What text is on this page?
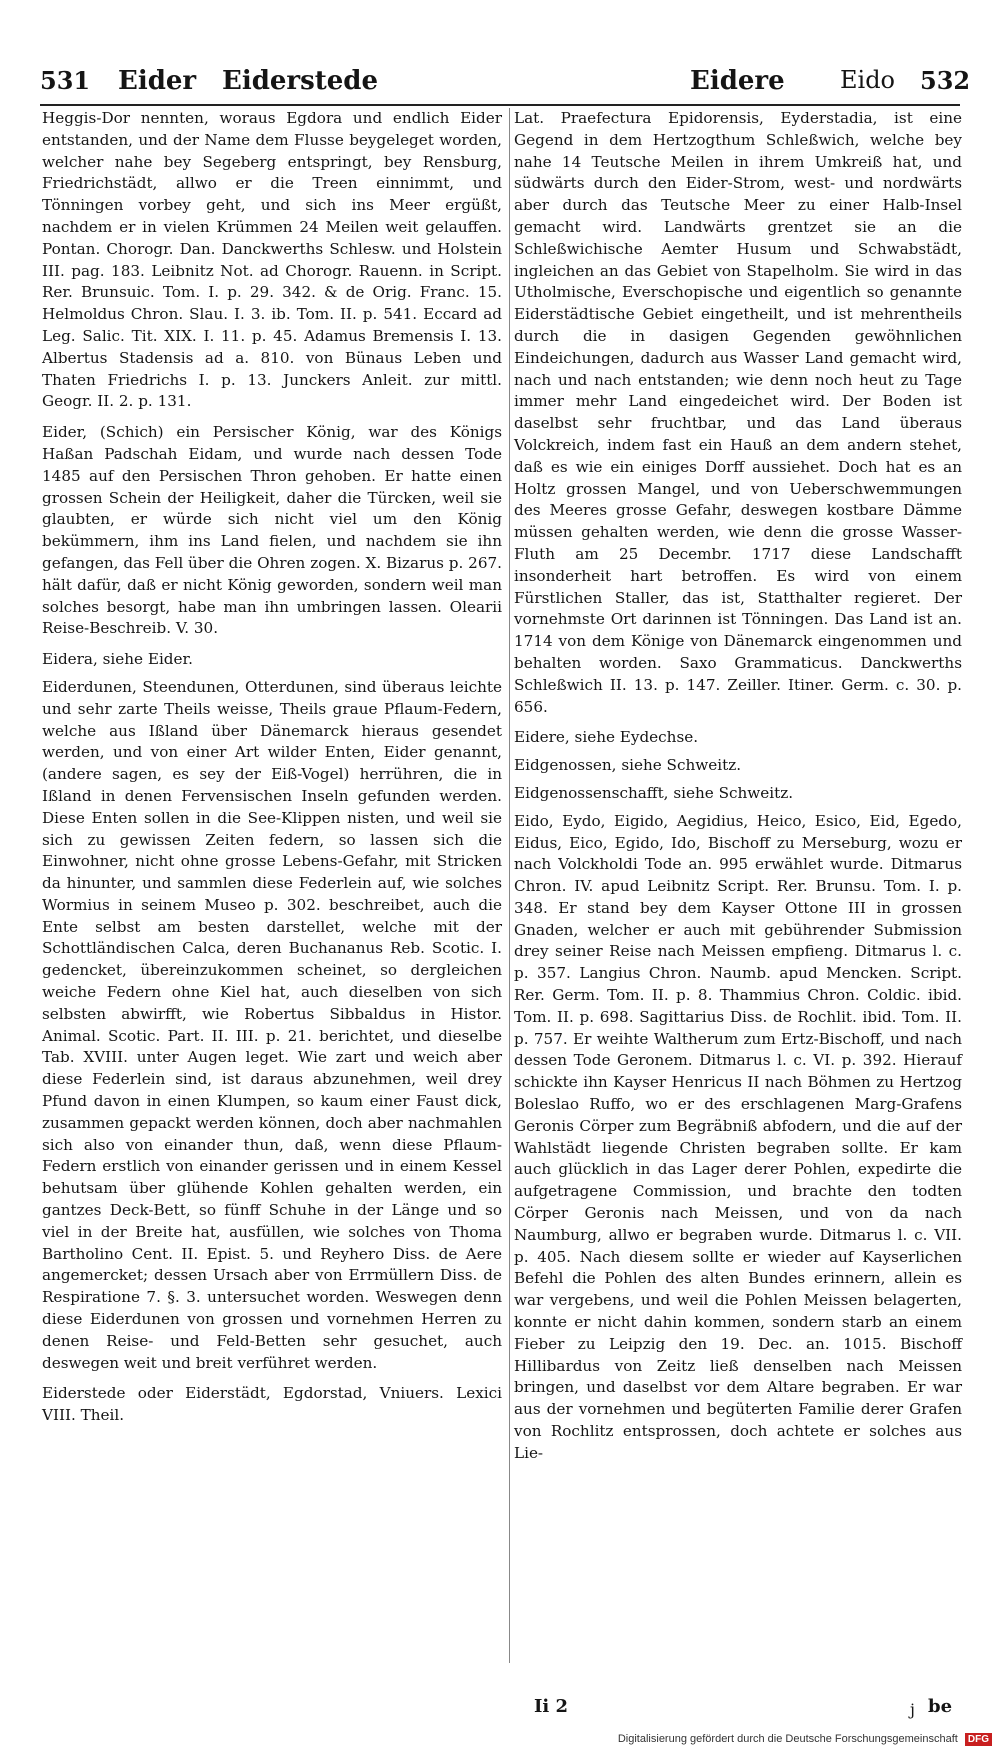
531 Eider Eiderstede	Eidere Eido 532

Heggis-Dor nennten, woraus Egdora und endlich Eider entstanden, und der Name dem Flusse beygeleget worden, welcher nahe bey Segeberg entspringt, bey Rensburg, Friedrichstädt, allwo er die Treen einnimmt, und Tönningen vorbey geht, und sich ins Meer ergüßt, nachdem er in vielen Krümmen 24 Meilen weit gelauffen. Pontan. Chorogr. Dan. Danckwerths Schlesw. und Holstein III. pag. 183. Leibnitz Not. ad Chorogr. Rauenn. in Script. Rer. Brunsuic. Tom. I. p. 29. 342. & de Orig. Franc. 15. Helmoldus Chron. Slau. I. 3. ib. Tom. II. p. 541. Eccard ad Leg. Salic. Tit. XIX. I. 11. p. 45. Adamus Bremensis I. 13. Albertus Stadensis ad a. 810. von Bünaus Leben und Thaten Friedrichs I. p. 13. Junckers Anleit. zur mittl. Geogr. II. 2. p. 131.

Eider, (Schich) ein Persischer König, war des Königs Haßan Padschah Eidam, und wurde nach dessen Tode 1485 auf den Persischen Thron gehoben. Er hatte einen grossen Schein der Heiligkeit, daher die Türcken, weil sie glaubten, er würde sich nicht viel um den König bekümmern, ihm ins Land fielen, und nachdem sie ihn gefangen, das Fell über die Ohren zogen. X. Bizarus p. 267. hält dafür, daß er nicht König geworden, sondern weil man solches besorgt, habe man ihn umbringen lassen. Olearii Reise-Beschreib. V. 30.

Eidera, siehe Eider.

Eiderdunen, Steendunen, Otterdunen, sind überaus leichte und sehr zarte Theils weisse, Theils graue Pflaum-Federn, welche aus Ißland über Dänemarck hieraus gesendet werden, und von einer Art wilder Enten, Eider genannt, (andere sagen, es sey der Eiß-Vogel) herrühren, die in Ißland in denen Fervensischen Inseln gefunden werden. Diese Enten sollen in die See-Klippen nisten, und weil sie sich zu gewissen Zeiten federn, so lassen sich die Einwohner, nicht ohne grosse Lebens-Gefahr, mit Stricken da hinunter, und sammlen diese Federlein auf, wie solches Wormius in seinem Museo p. 302. beschreibet, auch die Ente selbst am besten darstellet, welche mit der Schottländischen Calca, deren Buchananus Reb. Scotic. I. gedencket, übereinzukommen scheinet, so dergleichen weiche Federn ohne Kiel hat, auch dieselben von sich selbsten abwirfft, wie Robertus Sibbaldus in Histor. Animal. Scotic. Part. II. III. p. 21. berichtet, und dieselbe Tab. XVIII. unter Augen leget. Wie zart und weich aber diese Federlein sind, ist daraus abzunehmen, weil drey Pfund davon in einen Klumpen, so kaum einer Faust dick, zusammen gepackt werden können, doch aber nachmahlen sich also von einander thun, daß, wenn diese Pflaum-Federn erstlich von einander gerissen und in einem Kessel behutsam über glühende Kohlen gehalten werden, ein gantzes Deck-Bett, so fünff Schuhe in der Länge und so viel in der Breite hat, ausfüllen, wie solches von Thoma Bartholino Cent. II. Epist. 5. und Reyhero Diss. de Aere angemercket; dessen Ursach aber von Errmüllern Diss. de Respiratione 7. §. 3. untersuchet worden. Weswegen denn diese Eiderdunen von grossen und vornehmen Herren zu denen Reise- und Feld-Betten sehr gesuchet, auch deswegen weit und breit verführet werden.

Eiderstede oder Eiderstädt, Egdorstad, Vniuers. Lexici VIII. Theil.

Lat. Praefectura Epidorensis, Eyderstadia, ist eine Gegend in dem Hertzogthum Schleßwich, welche bey nahe 14 Teutsche Meilen in ihrem Umkreiß hat, und südwärts durch den Eider-Strom, west- und nordwärts aber durch das Teutsche Meer zu einer Halb-Insel gemacht wird. Landwärts grentzet sie an die Schleßwichische Aemter Husum und Schwabstädt, ingleichen an das Gebiet von Stapelholm. Sie wird in das Utholmische, Everschopische und eigentlich so genannte Eiderstädtische Gebiet eingetheilt, und ist mehrentheils durch die in dasigen Gegenden gewöhnlichen Eindeichungen, dadurch aus Wasser Land gemacht wird, nach und nach entstanden; wie denn noch heut zu Tage immer mehr Land eingedeichet wird. Der Boden ist daselbst sehr fruchtbar, und das Land überaus Volckreich, indem fast ein Hauß an dem andern stehet, daß es wie ein einiges Dorff aussiehet. Doch hat es an Holtz grossen Mangel, und von Ueberschwemmungen des Meeres grosse Gefahr, deswegen kostbare Dämme müssen gehalten werden, wie denn die grosse Wasser-Fluth am 25 Decembr. 1717 diese Landschafft insonderheit hart betroffen. Es wird von einem Fürstlichen Staller, das ist, Statthalter regieret. Der vornehmste Ort darinnen ist Tönningen. Das Land ist an. 1714 von dem Könige von Dänemarck eingenommen und behalten worden. Saxo Grammaticus. Danckwerths Schleßwich II. 13. p. 147. Zeiller. Itiner. Germ. c. 30. p. 656.

Eidere, siehe Eydechse.

Eidgenossen, siehe Schweitz.

Eidgenossenschafft, siehe Schweitz.

Eido, Eydo, Eigido, Aegidius, Heico, Esico, Eid, Egedo, Eidus, Eico, Egido, Ido, Bischoff zu Merseburg, wozu er nach Volckholdi Tode an. 995 erwählet wurde. Ditmarus Chron. IV. apud Leibnitz Script. Rer. Brunsu. Tom. I. p. 348. Er stand bey dem Kayser Ottone III in grossen Gnaden, welcher er auch mit gebührender Submission drey seiner Reise nach Meissen empfieng. Ditmarus l. c. p. 357. Langius Chron. Naumb. apud Mencken. Script. Rer. Germ. Tom. II. p. 8. Thammius Chron. Coldic. ibid. Tom. II. p. 698. Sagittarius Diss. de Rochlit. ibid. Tom. II. p. 757. Er weihte Waltherum zum Ertz-Bischoff, und nach dessen Tode Geronem. Ditmarus l. c. VI. p. 392. Hierauf schickte ihn Kayser Henricus II nach Böhmen zu Hertzog Boleslao Ruffo, wo er des erschlagenen Marg-Grafens Geronis Cörper zum Begräbniß abfodern, und die auf der Wahlstädt liegende Christen begraben sollte. Er kam auch glücklich in das Lager derer Pohlen, expedirte die aufgetragene Commission, und brachte den todten Cörper Geronis nach Meissen, und von da nach Naumburg, allwo er begraben wurde. Ditmarus l. c. VII. p. 405. Nach diesem sollte er wieder auf Kayserlichen Befehl die Pohlen des alten Bundes erinnern, allein es war vergebens, und weil die Pohlen Meissen belagerten, konnte er nicht dahin kommen, sondern starb an einem Fieber zu Leipzig den 19. Dec. an. 1015. Bischoff Hillibardus von Zeitz ließ denselben nach Meissen bringen, und daselbst vor dem Altare begraben. Er war aus der vornehmen und begüterten Familie derer Grafen von Rochlitz entsprossen, doch achtete er solches aus Lie-

Ii 2	j be
Digitalisierung gefördert durch die Deutsche Forschungsgemeinschaft DFG
